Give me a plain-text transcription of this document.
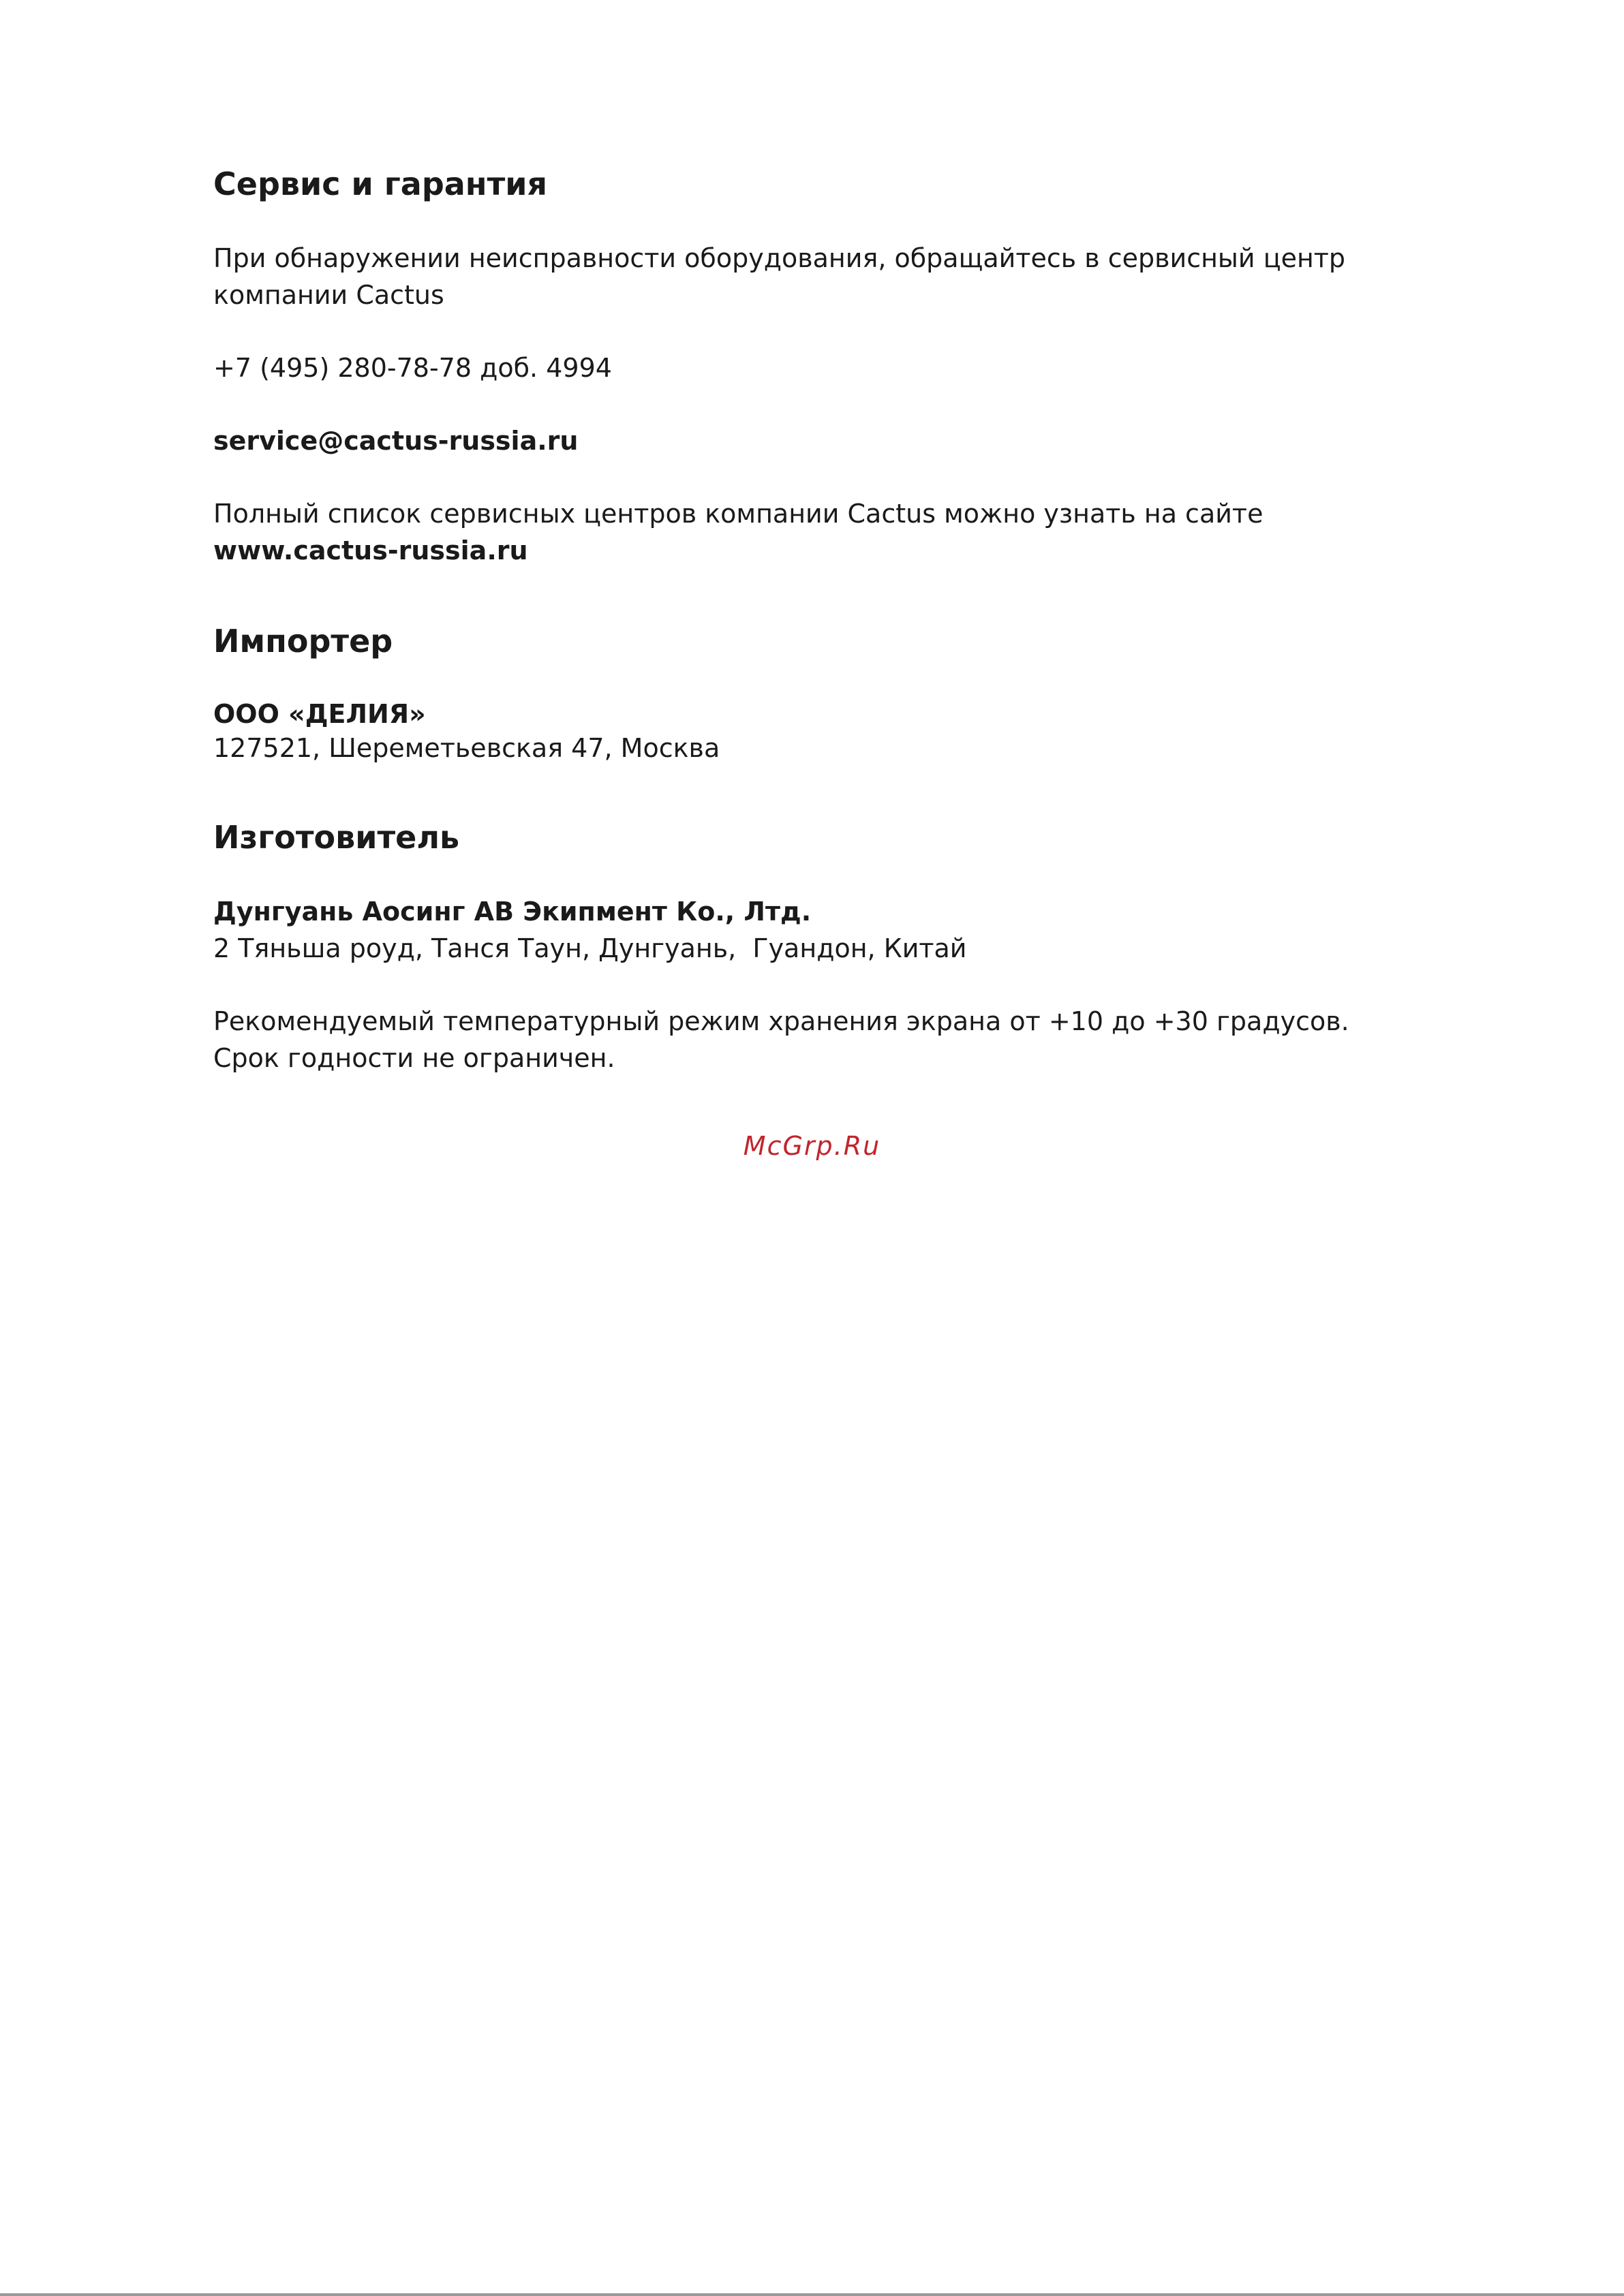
Сервис и гарантия

При обнаружении неисправности оборудования, обращайтесь в сервисный центр

компании Cactus

+7 (495) 280-78-78 доб. 4994

service@cactus-russia.ru

Полный список сервисных центров компании Cactus можно узнать на сайте

www.cactus-russia.ru

Импортер

ООО «ДЕЛИЯ»

127521, Шереметьевская 47, Москва

Изготовитель

Дунгуань Аосинг АВ Экипмент Ко., Лтд.

2 Тяньша роуд, Танся Таун, Дунгуань,  Гуандон, Китай

Рекомендуемый температурный режим хранения экрана от +10 до +30 градусов.

Срок годности не ограничен.

McGrp.Ru
